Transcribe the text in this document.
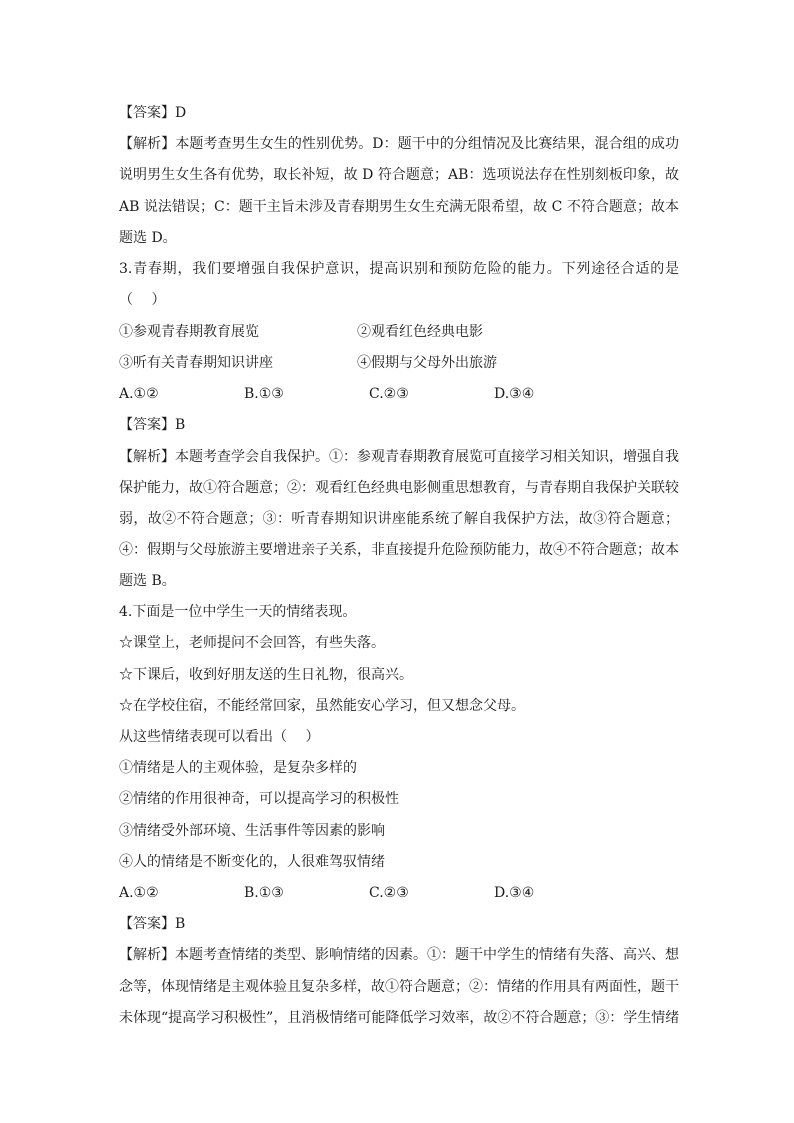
【答案】D
【解析】本题考查男生女生的性别优势。D：题干中的分组情况及比赛结果，混合组的成功
说明男生女生各有优势，取长补短，故 D 符合题意；AB：选项说法存在性别刻板印象，故
AB 说法错误；C：题干主旨未涉及青春期男生女生充满无限希望，故 C 不符合题意；故本
题选 D。
3.青春期，我们要增强自我保护意识，提高识别和预防危险的能力。下列途径合适的是
（　 ）
①参观青春期教育展览	②观看红色经典电影
③听有关青春期知识讲座	④假期与父母外出旅游
A.①②	B.①③	C.②③	D.③④
【答案】B
【解析】本题考查学会自我保护。①：参观青春期教育展览可直接学习相关知识，增强自我
保护能力，故①符合题意；②：观看红色经典电影侧重思想教育，与青春期自我保护关联较
弱，故②不符合题意；③：听青春期知识讲座能系统了解自我保护方法，故③符合题意；
④：假期与父母旅游主要增进亲子关系，非直接提升危险预防能力，故④不符合题意；故本
题选 B。
4.下面是一位中学生一天的情绪表现。
☆课堂上，老师提问不会回答，有些失落。
☆下课后，收到好朋友送的生日礼物，很高兴。
☆在学校住宿，不能经常回家，虽然能安心学习，但又想念父母。
从这些情绪表现可以看出（　 ）
①情绪是人的主观体验，是复杂多样的
②情绪的作用很神奇，可以提高学习的积极性
③情绪受外部环境、生活事件等因素的影响
④人的情绪是不断变化的，人很难驾驭情绪
A.①②	B.①③	C.②③	D.③④
【答案】B
【解析】本题考查情绪的类型、影响情绪的因素。①：题干中学生的情绪有失落、高兴、想
念等，体现情绪是主观体验且复杂多样，故①符合题意；②：情绪的作用具有两面性，题干
未体现“提高学习积极性”，且消极情绪可能降低学习效率，故②不符合题意；③：学生情绪
